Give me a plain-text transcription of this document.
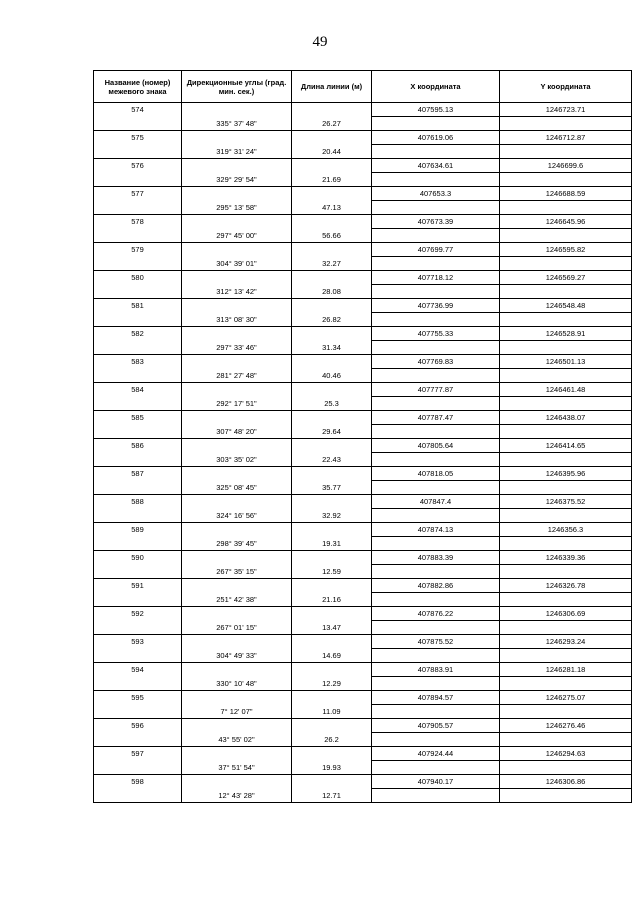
49
Название (номер) межевого знака	Дирекционные углы (град. мин. сек.)	Длина линии (м)	X координата	Y координата
574			407595.13	1246723.71
	335° 37' 48"	26.27		
575			407619.06	1246712.87
	319° 31' 24"	20.44		
576			407634.61	1246699.6
	329° 29' 54"	21.69		
577			407653.3	1246688.59
	295° 13' 58"	47.13		
578			407673.39	1246645.96
	297° 45' 00"	56.66		
579			407699.77	1246595.82
	304° 39' 01"	32.27		
580			407718.12	1246569.27
	312° 13' 42"	28.08		
581			407736.99	1246548.48
	313° 08' 30"	26.82		
582			407755.33	1246528.91
	297° 33' 46"	31.34		
583			407769.83	1246501.13
	281° 27' 48"	40.46		
584			407777.87	1246461.48
	292° 17' 51"	25.3		
585			407787.47	1246438.07
	307° 48' 20"	29.64		
586			407805.64	1246414.65
	303° 35' 02"	22.43		
587			407818.05	1246395.96
	325° 08' 45"	35.77		
588			407847.4	1246375.52
	324° 16' 56"	32.92		
589			407874.13	1246356.3
	298° 39' 45"	19.31		
590			407883.39	1246339.36
	267° 35' 15"	12.59		
591			407882.86	1246326.78
	251° 42' 38"	21.16		
592			407876.22	1246306.69
	267° 01' 15"	13.47		
593			407875.52	1246293.24
	304° 49' 33"	14.69		
594			407883.91	1246281.18
	330° 10' 48"	12.29		
595			407894.57	1246275.07
	7° 12' 07"	11.09		
596			407905.57	1246276.46
	43° 55' 02"	26.2		
597			407924.44	1246294.63
	37° 51' 54"	19.93		
598			407940.17	1246306.86
	12° 43' 28"	12.71		
